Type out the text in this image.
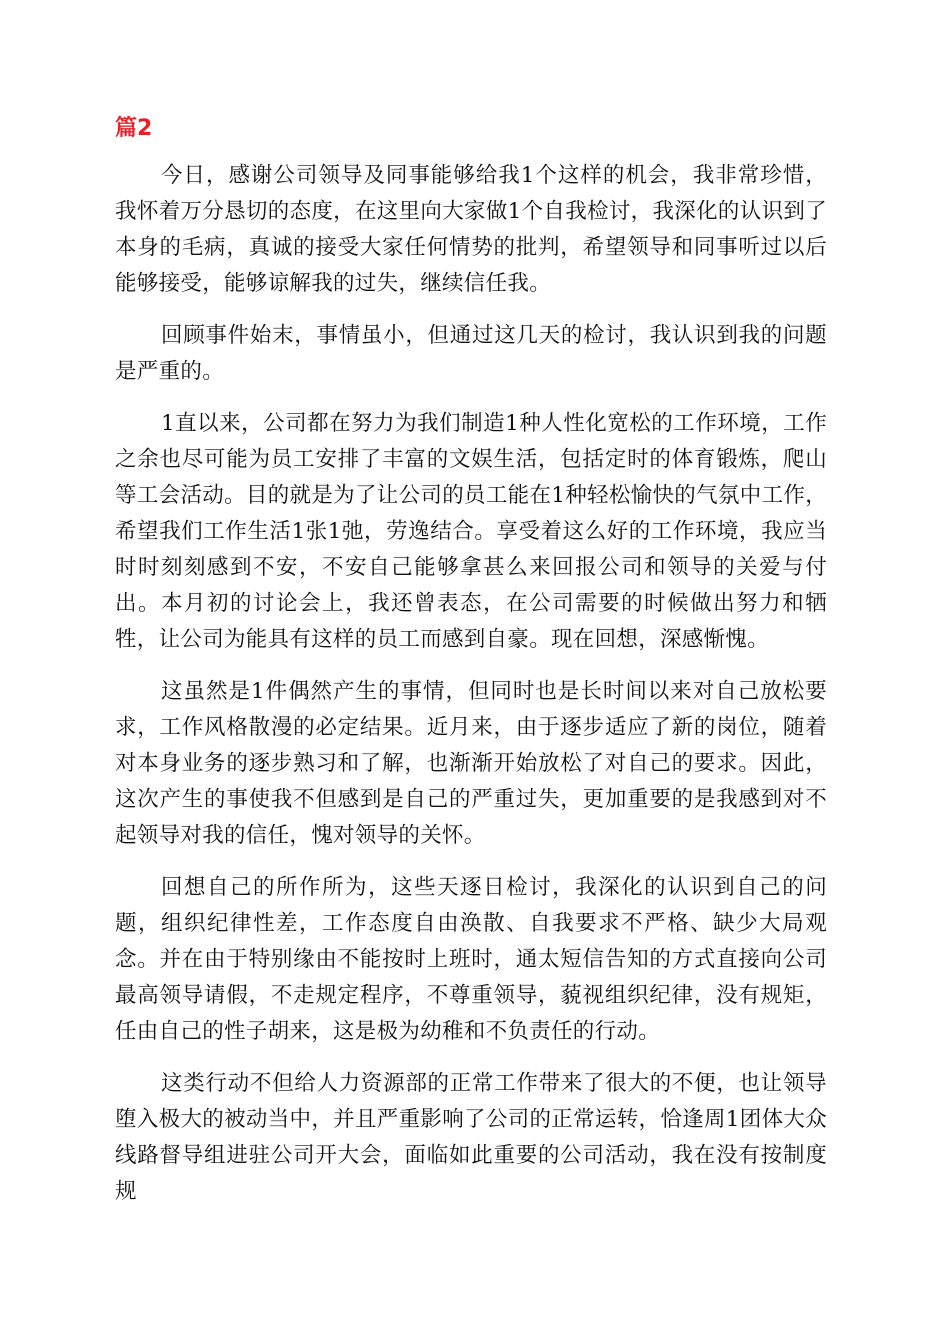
篇2

今日，感谢公司领导及同事能够给我1个这样的机会，我非常珍惜，我怀着万分恳切的态度，在这里向大家做1个自我检讨，我深化的认识到了本身的毛病，真诚的接受大家任何情势的批判，希望领导和同事听过以后能够接受，能够谅解我的过失，继续信任我。

回顾事件始末，事情虽小，但通过这几天的检讨，我认识到我的问题是严重的。

1直以来，公司都在努力为我们制造1种人性化宽松的工作环境，工作之余也尽可能为员工安排了丰富的文娱生活，包括定时的体育锻炼，爬山等工会活动。目的就是为了让公司的员工能在1种轻松愉快的气氛中工作，希望我们工作生活1张1弛，劳逸结合。享受着这么好的工作环境，我应当时时刻刻感到不安，不安自己能够拿甚么来回报公司和领导的关爱与付出。本月初的讨论会上，我还曾表态，在公司需要的时候做出努力和牺牲，让公司为能具有这样的员工而感到自豪。现在回想，深感惭愧。

这虽然是1件偶然产生的事情，但同时也是长时间以来对自己放松要求，工作风格散漫的必定结果。近月来，由于逐步适应了新的岗位，随着对本身业务的逐步熟习和了解，也渐渐开始放松了对自己的要求。因此，这次产生的事使我不但感到是自己的严重过失，更加重要的是我感到对不起领导对我的信任，愧对领导的关怀。

回想自己的所作所为，这些天逐日检讨，我深化的认识到自己的问题，组织纪律性差，工作态度自由涣散、自我要求不严格、缺少大局观念。并在由于特别缘由不能按时上班时，通太短信告知的方式直接向公司最高领导请假，不走规定程序，不尊重领导，藐视组织纪律，没有规矩，任由自己的性子胡来，这是极为幼稚和不负责任的行动。

这类行动不但给人力资源部的正常工作带来了很大的不便，也让领导堕入极大的被动当中，并且严重影响了公司的正常运转，恰逢周1团体大众线路督导组进驻公司开大会，面临如此重要的公司活动，我在没有按制度规
